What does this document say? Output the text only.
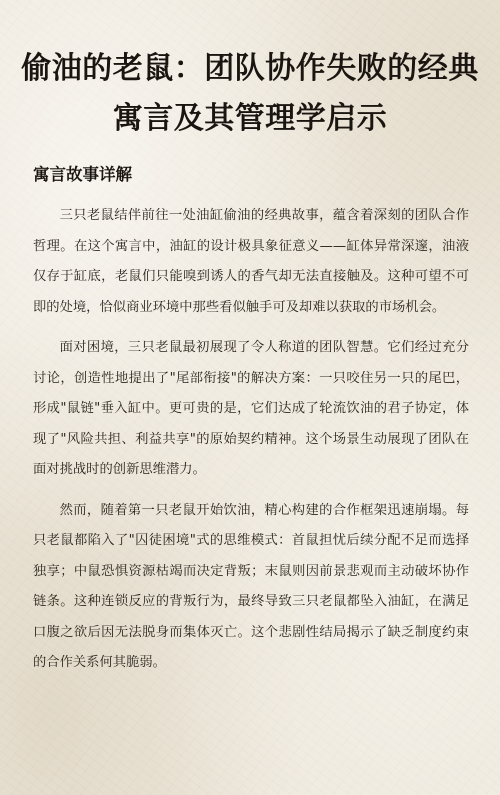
偷油的老鼠：团队协作失败的经典寓言及其管理学启示
寓言故事详解

三只老鼠结伴前往一处油缸偷油的经典故事，蕴含着深刻的团队合作哲理。在这个寓言中，油缸的设计极具象征意义——缸体异常深邃，油液仅存于缸底，老鼠们只能嗅到诱人的香气却无法直接触及。这种可望不可即的处境，恰似商业环境中那些看似触手可及却难以获取的市场机会。

面对困境，三只老鼠最初展现了令人称道的团队智慧。它们经过充分讨论，创造性地提出了"尾部衔接"的解决方案：一只咬住另一只的尾巴，形成"鼠链"垂入缸中。更可贵的是，它们达成了轮流饮油的君子协定，体现了"风险共担、利益共享"的原始契约精神。这个场景生动展现了团队在面对挑战时的创新思维潜力。

然而，随着第一只老鼠开始饮油，精心构建的合作框架迅速崩塌。每只老鼠都陷入了"囚徒困境"式的思维模式：首鼠担忧后续分配不足而选择独享；中鼠恐惧资源枯竭而决定背叛；末鼠则因前景悲观而主动破坏协作链条。这种连锁反应的背叛行为，最终导致三只老鼠都坠入油缸，在满足口腹之欲后因无法脱身而集体灭亡。这个悲剧性结局揭示了缺乏制度约束的合作关系何其脆弱。
